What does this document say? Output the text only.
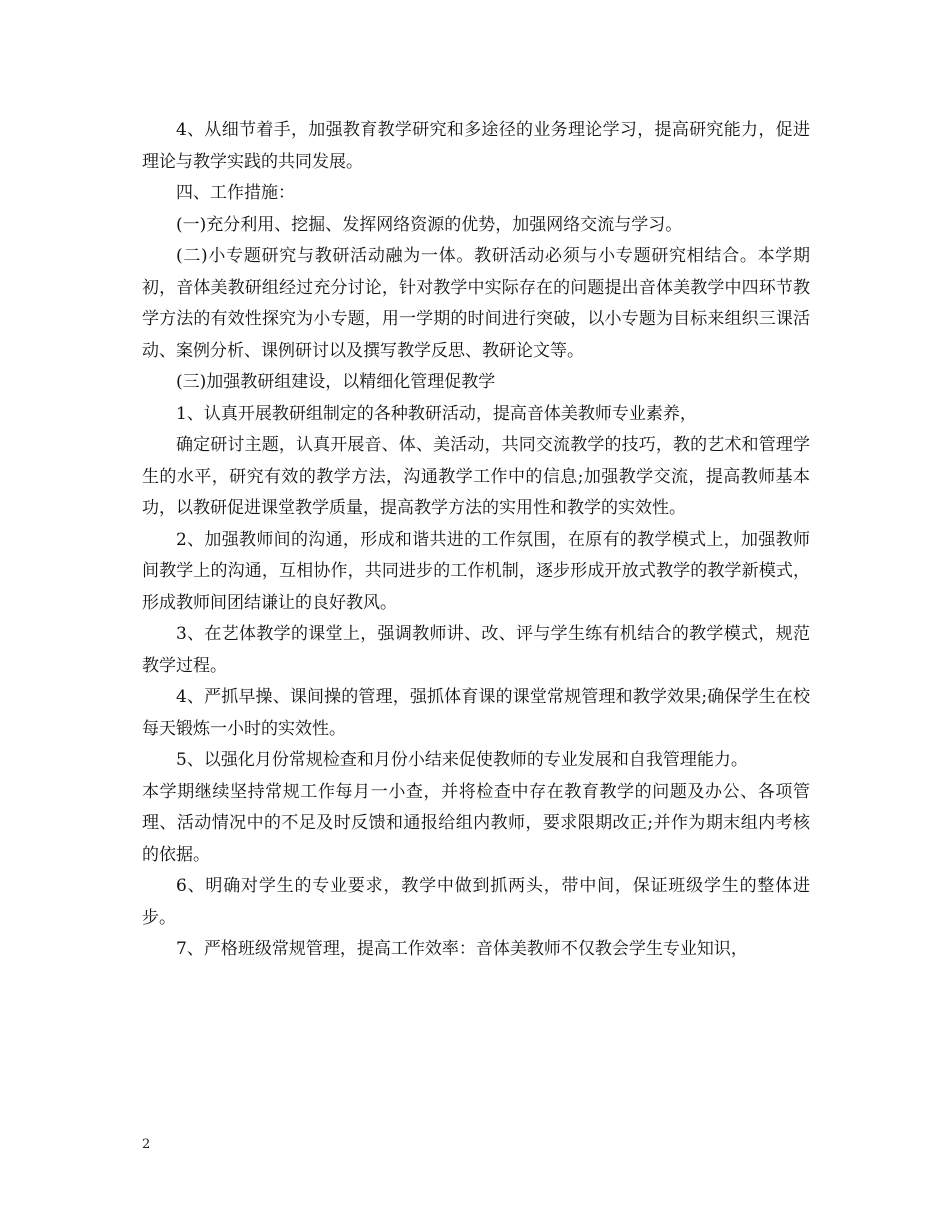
4、从细节着手，加强教育教学研究和多途径的业务理论学习，提高研究能力，促进理论与教学实践的共同发展。

四、工作措施：

(一)充分利用、挖掘、发挥网络资源的优势，加强网络交流与学习。

(二)小专题研究与教研活动融为一体。教研活动必须与小专题研究相结合。本学期初，音体美教研组经过充分讨论，针对教学中实际存在的问题提出音体美教学中四环节教学方法的有效性探究为小专题，用一学期的时间进行突破，以小专题为目标来组织三课活动、案例分析、课例研讨以及撰写教学反思、教研论文等。

(三)加强教研组建设，以精细化管理促教学

1、认真开展教研组制定的各种教研活动，提高音体美教师专业素养，

确定研讨主题，认真开展音、体、美活动，共同交流教学的技巧，教的艺术和管理学生的水平，研究有效的教学方法，沟通教学工作中的信息;加强教学交流，提高教师基本功，以教研促进课堂教学质量，提高教学方法的实用性和教学的实效性。

2、加强教师间的沟通，形成和谐共进的工作氛围，在原有的教学模式上，加强教师间教学上的沟通，互相协作，共同进步的工作机制，逐步形成开放式教学的教学新模式，形成教师间团结谦让的良好教风。

3、在艺体教学的课堂上，强调教师讲、改、评与学生练有机结合的教学模式，规范教学过程。

4、严抓早操、课间操的管理，强抓体育课的课堂常规管理和教学效果;确保学生在校每天锻炼一小时的实效性。

5、以强化月份常规检查和月份小结来促使教师的专业发展和自我管理能力。

本学期继续坚持常规工作每月一小查，并将检查中存在教育教学的问题及办公、各项管理、活动情况中的不足及时反馈和通报给组内教师，要求限期改正;并作为期末组内考核的依据。

6、明确对学生的专业要求，教学中做到抓两头，带中间，保证班级学生的整体进步。

7、严格班级常规管理，提高工作效率：音体美教师不仅教会学生专业知识，

2
